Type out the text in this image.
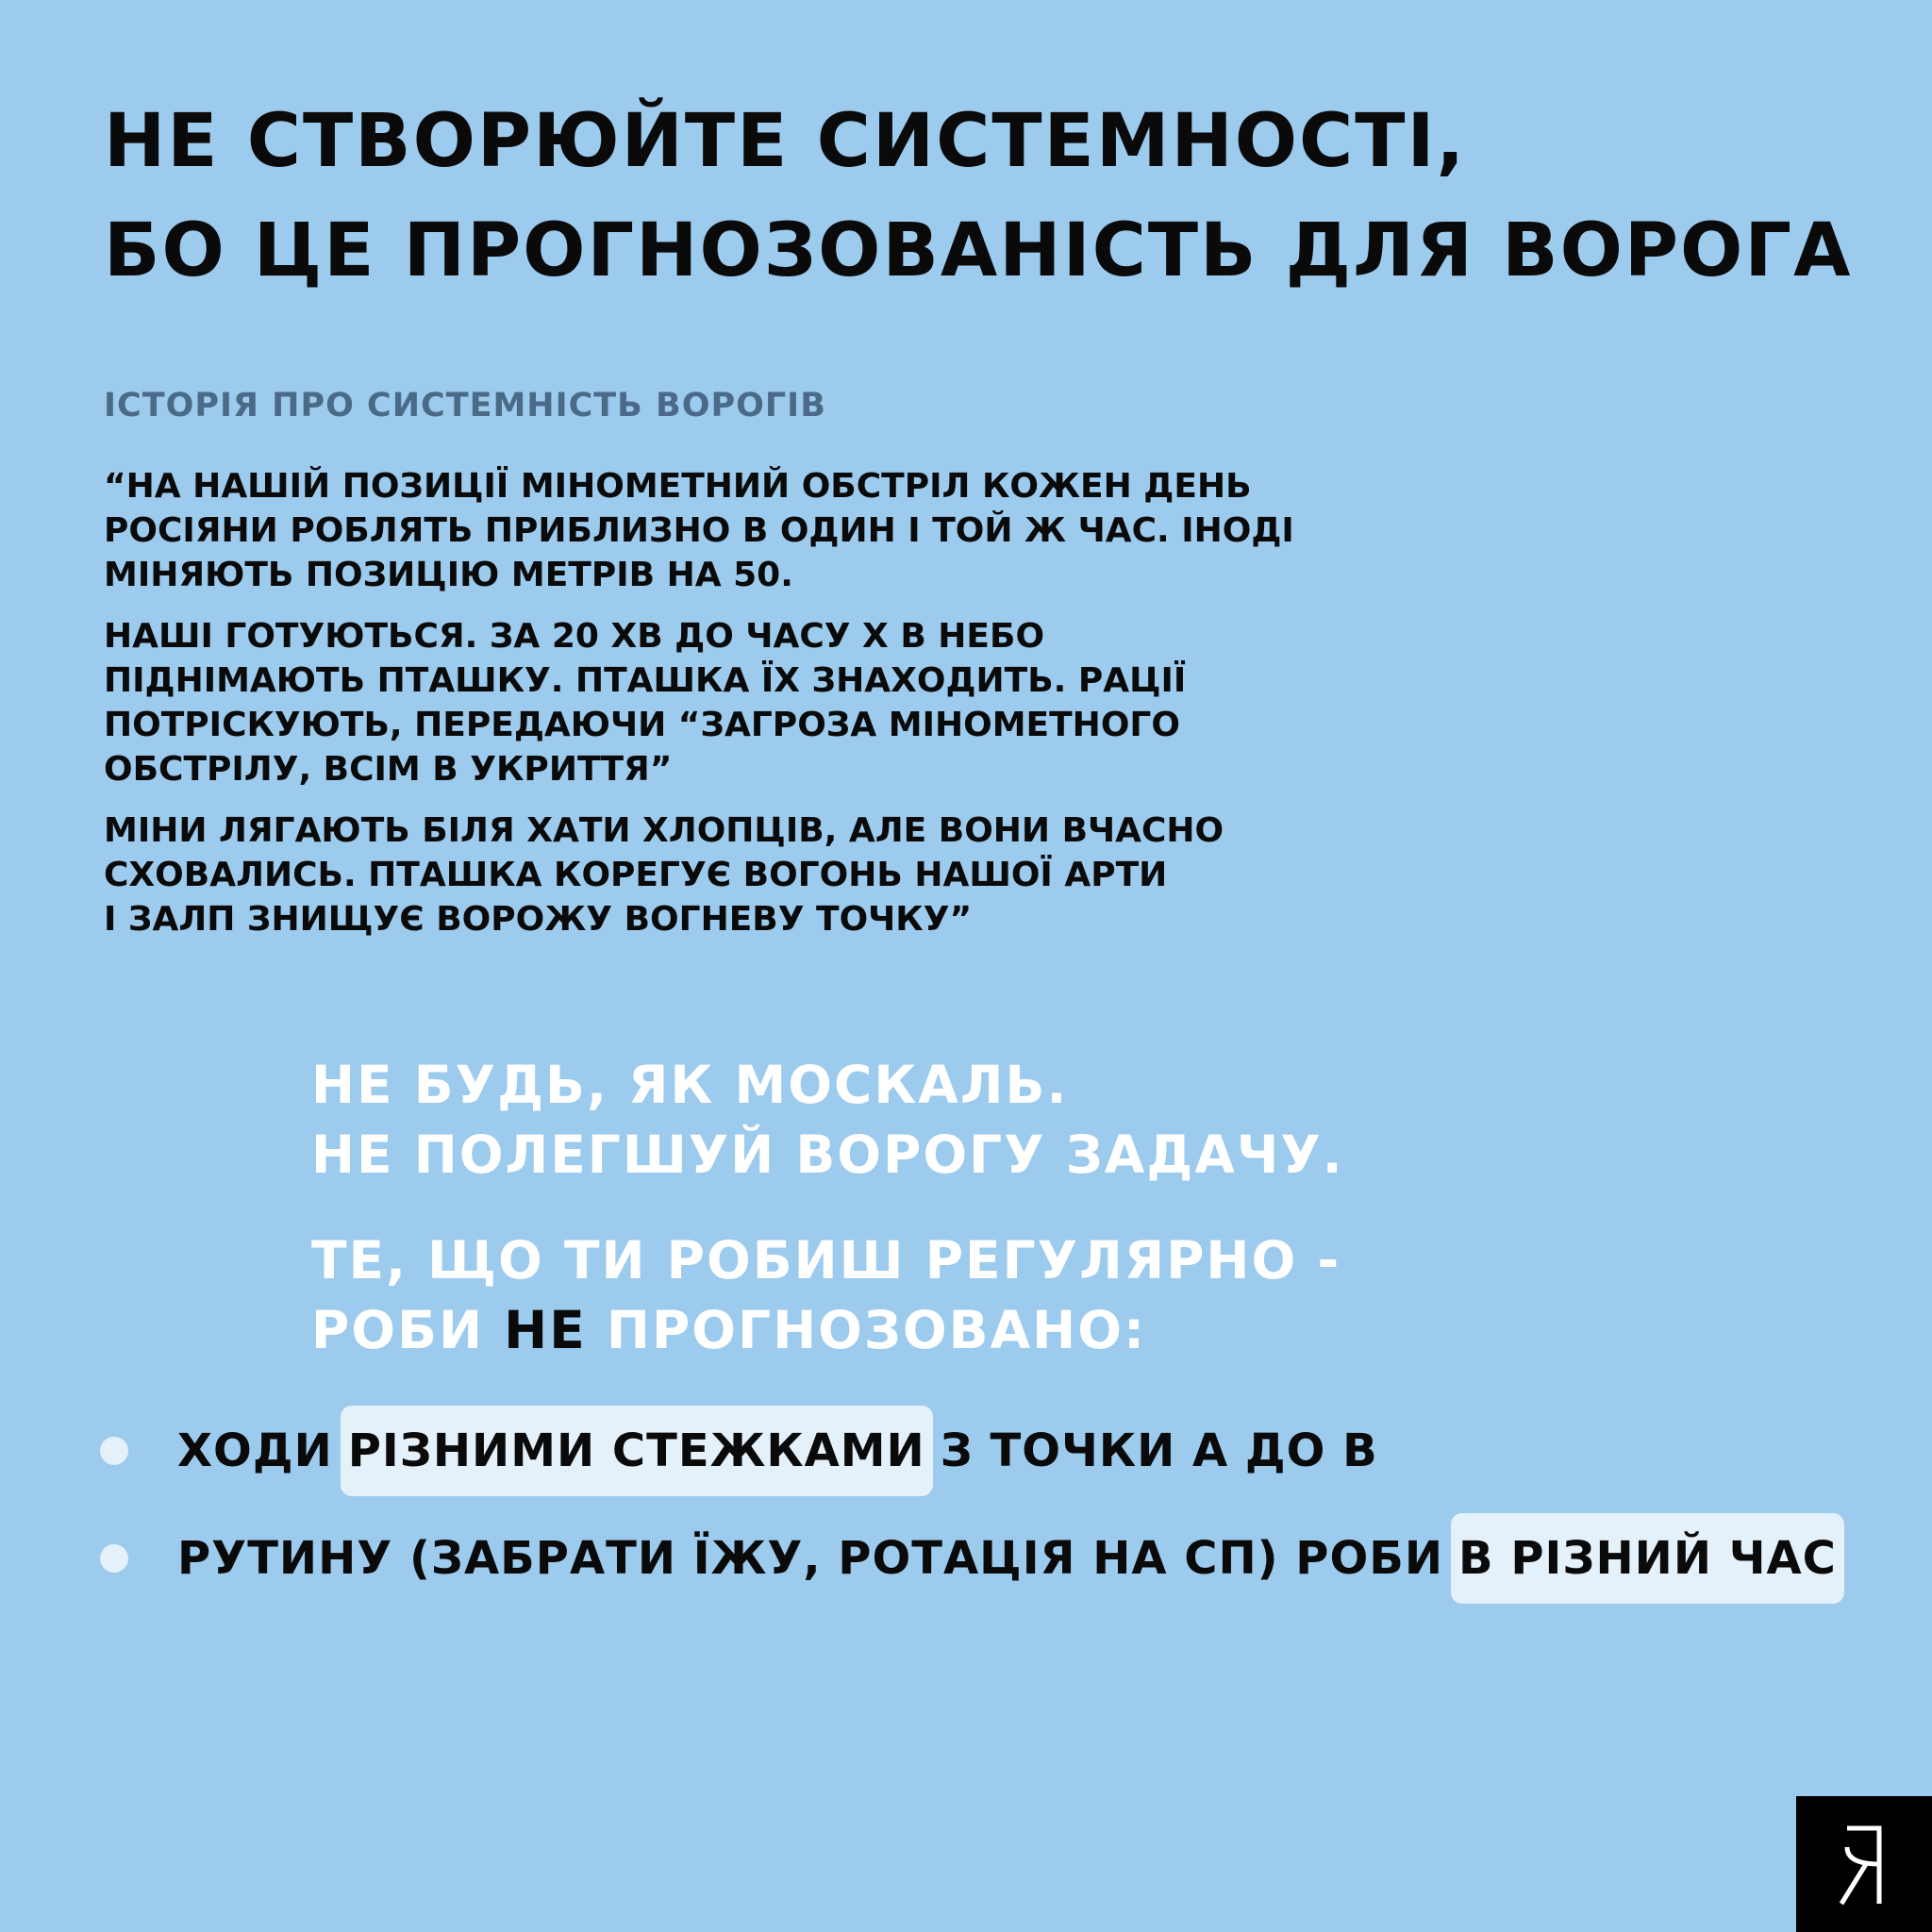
НЕ СТВОРЮЙТЕ СИСТЕМНОСТІ,
БО ЦЕ ПРОГНОЗОВАНІСТЬ ДЛЯ ВОРОГА
ІСТОРІЯ ПРО СИСТЕМНІСТЬ ВОРОГІВ

“НА НАШІЙ ПОЗИЦІЇ МІНОМЕТНИЙ ОБСТРІЛ КОЖЕН ДЕНЬ
РОСІЯНИ РОБЛЯТЬ ПРИБЛИЗНО В ОДИН І ТОЙ Ж ЧАС. ІНОДІ
МІНЯЮТЬ ПОЗИЦІЮ МЕТРІВ НА 50.

НАШІ ГОТУЮТЬСЯ. ЗА 20 ХВ ДО ЧАСУ Х В НЕБО
ПІДНІМАЮТЬ ПТАШКУ. ПТАШКА ЇХ ЗНАХОДИТЬ. РАЦІЇ
ПОТРІСКУЮТЬ, ПЕРЕДАЮЧИ “ЗАГРОЗА МІНОМЕТНОГО
ОБСТРІЛУ, ВСІМ В УКРИТТЯ”

МІНИ ЛЯГАЮТЬ БІЛЯ ХАТИ ХЛОПЦІВ, АЛЕ ВОНИ ВЧАСНО
СХОВАЛИСЬ. ПТАШКА КОРЕГУЄ ВОГОНЬ НАШОЇ АРТИ
І ЗАЛП ЗНИЩУЄ ВОРОЖУ ВОГНЕВУ ТОЧКУ”

НЕ БУДЬ, ЯК МОСКАЛЬ.
НЕ ПОЛЕГШУЙ ВОРОГУ ЗАДАЧУ.

ТЕ, ЩО ТИ РОБИШ РЕГУЛЯРНО -
РОБИ НЕ ПРОГНОЗОВАНО:

ХОДИ РІЗНИМИ СТЕЖКАМИ З ТОЧКИ А ДО В
РУТИНУ (ЗАБРАТИ ЇЖУ, РОТАЦІЯ НА СП) РОБИ В РІЗНИЙ ЧАС
